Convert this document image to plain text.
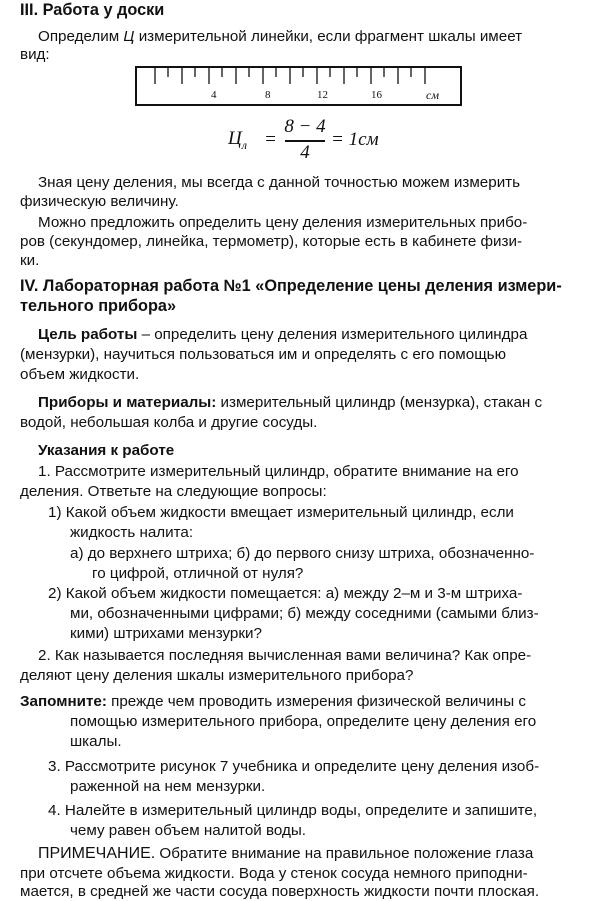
III. Работа у доски
Определим Ц измерительной линейки, если фрагмент шкалы имеет
вид:
4	8	12	16	см
$Ц_л$ =
8 − 4
4
= 1см
Зная цену деления, мы всегда с данной точностью можем измерить
физическую величину.
Можно предложить определить цену деления измерительных прибо-
ров (секундомер, линейка, термометр), которые есть в кабинете физи-
ки.
IV. Лабораторная работа №1 «Определение цены деления измери-
тельного прибора»
Цель работы – определить цену деления измерительного цилиндра
(мензурки), научиться пользоваться им и определять с его помощью
объем жидкости.
Приборы и материалы: измерительный цилиндр (мензурка), стакан с
водой, небольшая колба и другие сосуды.
Указания к работе
1. Рассмотрите измерительный цилиндр, обратите внимание на его
деления. Ответьте на следующие вопросы:
1) Какой объем жидкости вмещает измерительный цилиндр, если
жидкость налита:
а) до верхнего штриха; б) до первого снизу штриха, обозначенно-
го цифрой, отличной от нуля?
2) Какой объем жидкости помещается: а) между 2–м и 3-м штриха-
ми, обозначенными цифрами; б) между соседними (самыми близ-
кими) штрихами мензурки?
2. Как называется последняя вычисленная вами величина? Как опре-
деляют цену деления шкалы измерительного прибора?
Запомните: прежде чем проводить измерения физической величины с
помощью измерительного прибора, определите цену деления его
шкалы.
3. Рассмотрите рисунок 7 учебника и определите цену деления изоб-
раженной на нем мензурки.
4. Налейте в измерительный цилиндр воды, определите и запишите,
чему равен объем налитой воды.
ПРИМЕЧАНИЕ. Обратите внимание на правильное положение глаза
при отсчете объема жидкости. Вода у стенок сосуда немного приподни-
мается, в средней же части сосуда поверхность жидкости почти плоская.
